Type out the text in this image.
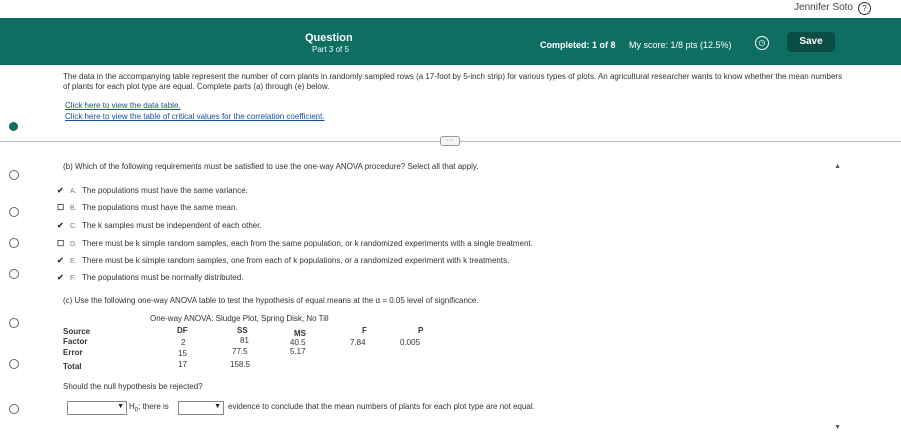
Jennifer Soto	?
Question
Part 3 of 5	Completed: 1 of 8 My score: 1/8 pts (12.5%)	◷	Save
The data in the accompanying table represent the number of corn plants in randomly sampled rows (a 17-foot by 5-inch strip) for various types of plots. An agricultural researcher wants to know whether the mean numbers of plants for each plot type are equal. Complete parts (a) through (e) below.
Click here to view the data table.
Click here to view the table of critical values for the correlation coefficient.
···
(b) Which of the following requirements must be satisfied to use the one-way ANOVA procedure? Select all that apply.	▲
✔ A. The populations must have the same variance.
☐ B. The populations must have the same mean.
✔ C. The k samples must be independent of each other.
☐ D. There must be k simple random samples, each from the same population, or k randomized experiments with a single treatment.
✔ E. There must be k simple random samples, one from each of k populations, or a randomized experiment with k treatments.
✔ F. The populations must be normally distributed.
(c) Use the following one-way ANOVA table to test the hypothesis of equal means at the α = 0.05 level of significance.
One-way ANOVA: Sludge Plot, Spring Disk, No Till
Source	DF	SS	MS	F	P
Factor	2	81	40.5	7.84	0.005
Error	15	77.5	5.17
Total	17	158.5
Should the null hypothesis be rejected?
▼ $H_0$; there is	▼ evidence to conclude that the mean numbers of plants for each plot type are not equal.
▼
